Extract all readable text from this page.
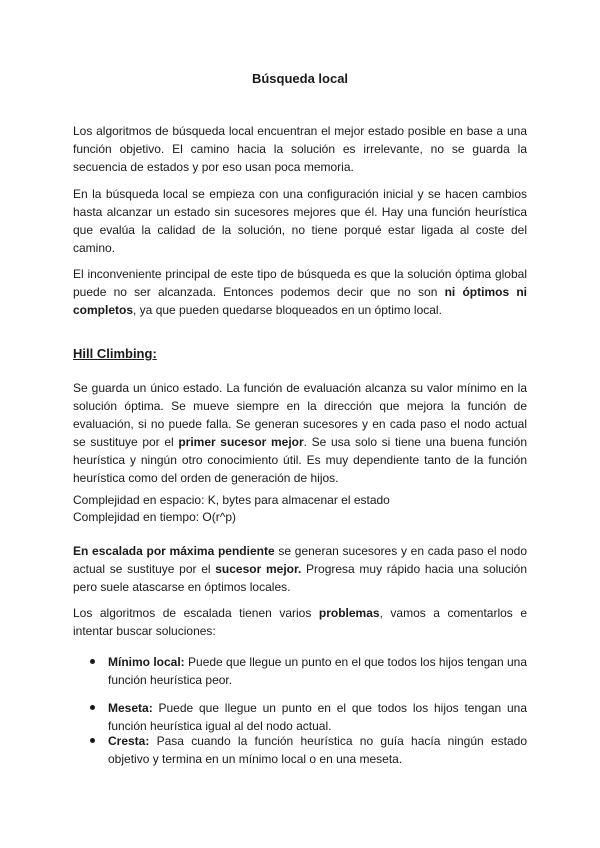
Búsqueda local
Los algoritmos de búsqueda local encuentran el mejor estado posible en base a una función objetivo. El camino hacia la solución es irrelevante, no se guarda la secuencia de estados y por eso usan poca memoria.
En la búsqueda local se empieza con una configuración inicial y se hacen cambios hasta alcanzar un estado sin sucesores mejores que él. Hay una función heurística que evalúa la calidad de la solución, no tiene porqué estar ligada al coste del camino.
El inconveniente principal de este tipo de búsqueda es que la solución óptima global puede no ser alcanzada. Entonces podemos decir que no son ni óptimos ni completos, ya que pueden quedarse bloqueados en un óptimo local.
Hill Climbing:
Se guarda un único estado. La función de evaluación alcanza su valor mínimo en la solución óptima. Se mueve siempre en la dirección que mejora la función de evaluación, si no puede falla. Se generan sucesores y en cada paso el nodo actual se sustituye por el primer sucesor mejor. Se usa solo si tiene una buena función heurística y ningún otro conocimiento útil. Es muy dependiente tanto de la función heurística como del orden de generación de hijos.
Complejidad en espacio: K, bytes para almacenar el estado
Complejidad en tiempo: O(r^p)
En escalada por máxima pendiente se generan sucesores y en cada paso el nodo actual se sustituye por el sucesor mejor. Progresa muy rápido hacia una solución pero suele atascarse en óptimos locales.
Los algoritmos de escalada tienen varios problemas, vamos a comentarlos e intentar buscar soluciones:
Mínimo local: Puede que llegue un punto en el que todos los hijos tengan una función heurística peor.
Meseta: Puede que llegue un punto en el que todos los hijos tengan una función heurística igual al del nodo actual.
Cresta: Pasa cuando la función heurística no guía hacía ningún estado objetivo y termina en un mínimo local o en una meseta.
